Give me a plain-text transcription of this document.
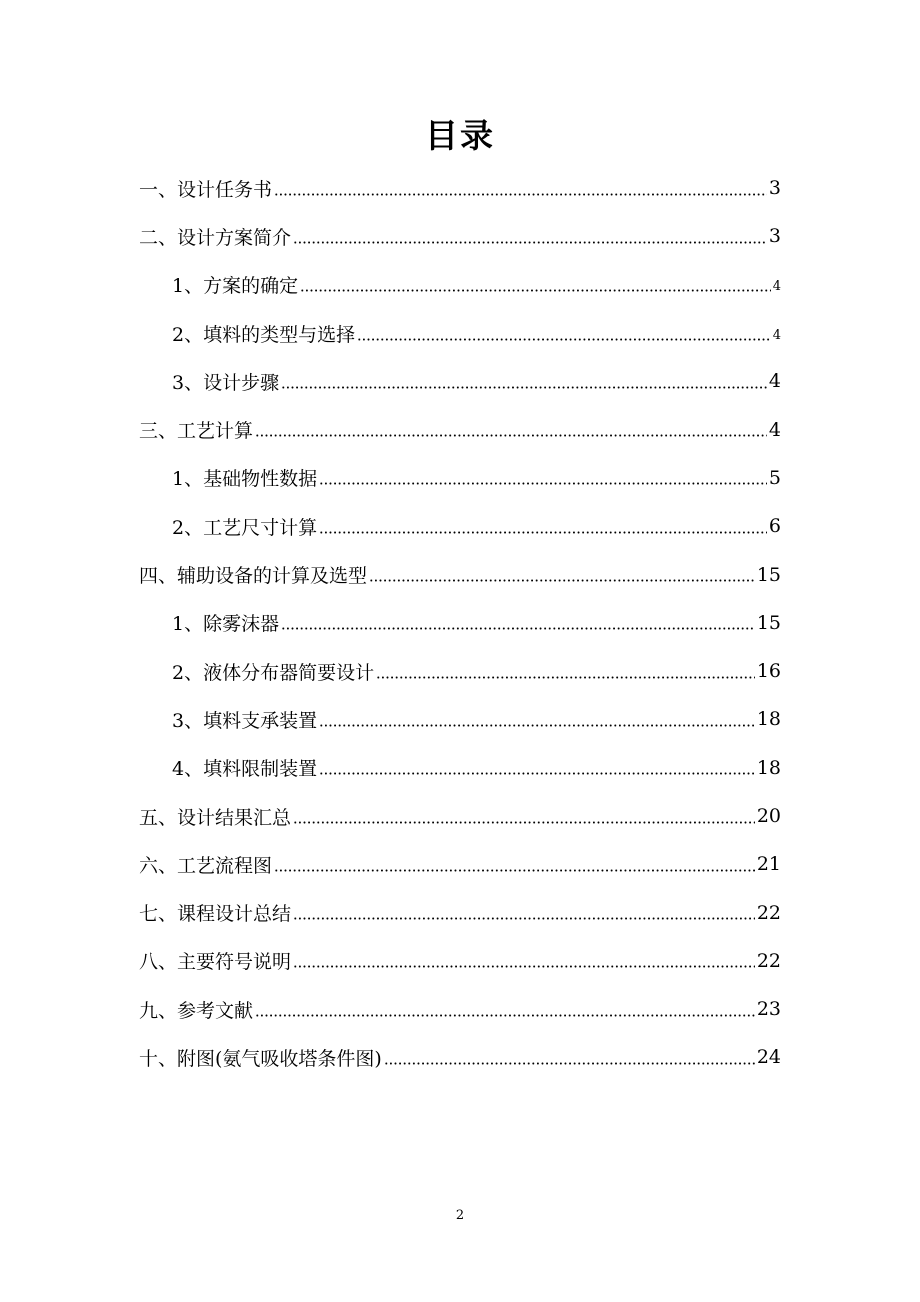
目录
一、设计任务书	3
二、设计方案简介	3
1、方案的确定	4
2、填料的类型与选择	4
3、设计步骤	4
三、工艺计算	4
1、基础物性数据	5
2、工艺尺寸计算	6
四、辅助设备的计算及选型	15
1、除雾沫器	15
2、液体分布器简要设计	16
3、填料支承装置	18
4、填料限制装置	18
五、设计结果汇总	20
六、工艺流程图	21
七、课程设计总结	22
八、主要符号说明	22
九、参考文献	23
十、附图(氨气吸收塔条件图)	24
2
